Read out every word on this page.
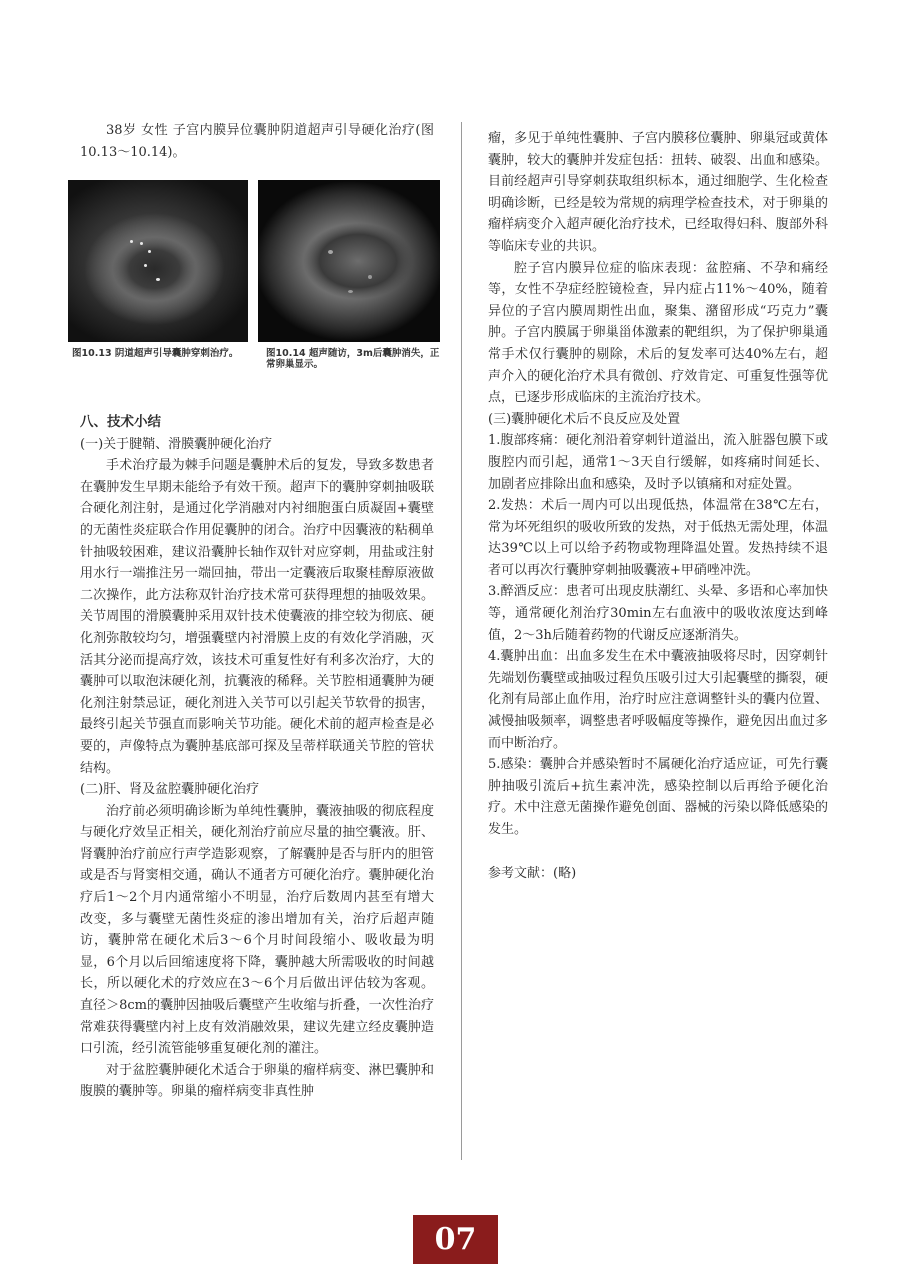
38岁 女性 子宫内膜异位囊肿阴道超声引导硬化治疗(图10.13～10.14)。

图10.13 阴道超声引导囊肿穿刺治疗。	图10.14 超声随访，3m后囊肿消失，正常卵巢显示。

八、技术小结

(一)关于腱鞘、滑膜囊肿硬化治疗

手术治疗最为棘手问题是囊肿术后的复发，导致多数患者在囊肿发生早期未能给予有效干预。超声下的囊肿穿刺抽吸联合硬化剂注射，是通过化学消融对内衬细胞蛋白质凝固+囊壁的无菌性炎症联合作用促囊肿的闭合。治疗中因囊液的粘稠单针抽吸较困难，建议沿囊肿长轴作双针对应穿刺，用盐或注射用水行一端推注另一端回抽，带出一定囊液后取聚桂醇原液做二次操作，此方法称双针治疗技术常可获得理想的抽吸效果。关节周围的滑膜囊肿采用双针技术使囊液的排空较为彻底、硬化剂弥散较均匀，增强囊壁内衬滑膜上皮的有效化学消融，灭活其分泌而提高疗效，该技术可重复性好有利多次治疗，大的囊肿可以取泡沫硬化剂，抗囊液的稀释。关节腔相通囊肿为硬化剂注射禁忌证，硬化剂进入关节可以引起关节软骨的损害，最终引起关节强直而影响关节功能。硬化术前的超声检查是必要的，声像特点为囊肿基底部可探及呈蒂样联通关节腔的管状结构。

(二)肝、肾及盆腔囊肿硬化治疗

治疗前必须明确诊断为单纯性囊肿，囊液抽吸的彻底程度与硬化疗效呈正相关，硬化剂治疗前应尽量的抽空囊液。肝、肾囊肿治疗前应行声学造影观察，了解囊肿是否与肝内的胆管或是否与肾窦相交通，确认不通者方可硬化治疗。囊肿硬化治疗后1～2个月内通常缩小不明显，治疗后数周内甚至有增大改变，多与囊壁无菌性炎症的渗出增加有关，治疗后超声随访，囊肿常在硬化术后3～6个月时间段缩小、吸收最为明显，6个月以后回缩速度将下降，囊肿越大所需吸收的时间越长，所以硬化术的疗效应在3～6个月后做出评估较为客观。直径＞8cm的囊肿因抽吸后囊壁产生收缩与折叠，一次性治疗常难获得囊壁内衬上皮有效消融效果，建议先建立经皮囊肿造口引流，经引流管能够重复硬化剂的灌注。

对于盆腔囊肿硬化术适合于卵巢的瘤样病变、淋巴囊肿和腹膜的囊肿等。卵巢的瘤样病变非真性肿

瘤，多见于单纯性囊肿、子宫内膜移位囊肿、卵巢冠或黄体囊肿，较大的囊肿并发症包括：扭转、破裂、出血和感染。目前经超声引导穿刺获取组织标本，通过细胞学、生化检查明确诊断，已经是较为常规的病理学检查技术，对于卵巢的瘤样病变介入超声硬化治疗技术，已经取得妇科、腹部外科等临床专业的共识。

腔子宫内膜异位症的临床表现：盆腔痛、不孕和痛经等，女性不孕症经腔镜检查，异内症占11%～40%，随着异位的子宫内膜周期性出血，聚集、潴留形成“巧克力”囊肿。子宫内膜属于卵巢甾体激素的靶组织，为了保护卵巢通常手术仅行囊肿的剔除，术后的复发率可达40%左右，超声介入的硬化治疗术具有微创、疗效肯定、可重复性强等优点，已逐步形成临床的主流治疗技术。

(三)囊肿硬化术后不良反应及处置

1.腹部疼痛：硬化剂沿着穿刺针道溢出，流入脏器包膜下或腹腔内而引起，通常1～3天自行缓解，如疼痛时间延长、加剧者应排除出血和感染，及时予以镇痛和对症处置。

2.发热：术后一周内可以出现低热，体温常在38℃左右，常为坏死组织的吸收所致的发热，对于低热无需处理，体温达39℃以上可以给予药物或物理降温处置。发热持续不退者可以再次行囊肿穿刺抽吸囊液+甲硝唑冲洗。

3.醉酒反应：患者可出现皮肤潮红、头晕、多语和心率加快等，通常硬化剂治疗30min左右血液中的吸收浓度达到峰值，2～3h后随着药物的代谢反应逐渐消失。

4.囊肿出血：出血多发生在术中囊液抽吸将尽时，因穿刺针先端划伤囊壁或抽吸过程负压吸引过大引起囊壁的撕裂，硬化剂有局部止血作用，治疗时应注意调整针头的囊内位置、减慢抽吸频率，调整患者呼吸幅度等操作，避免因出血过多而中断治疗。

5.感染：囊肿合并感染暂时不属硬化治疗适应证，可先行囊肿抽吸引流后+抗生素冲洗，感染控制以后再给予硬化治疗。术中注意无菌操作避免创面、器械的污染以降低感染的发生。

参考文献：(略)

07
